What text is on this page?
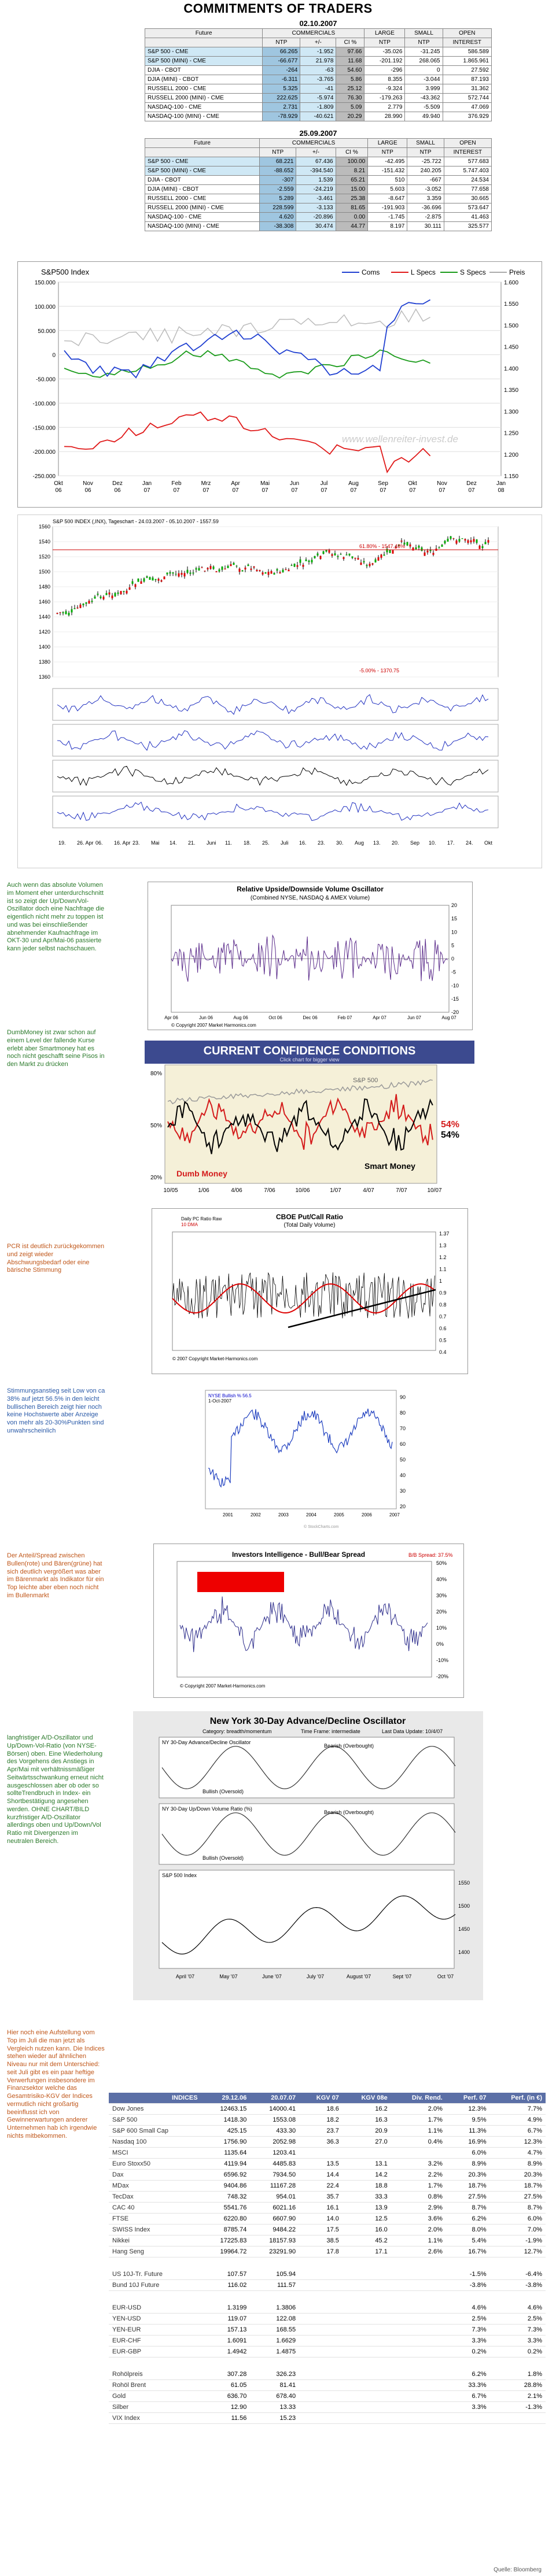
COMMITMENTS OF TRADERS
02.10.2007						
Future	COMMERCIALS			LARGE	SMALL	OPEN
	NTP	+/-	CI %	NTP	NTP	INTEREST
S&P 500 - CME	66.265	-1.952	97.66	-35.026	-31.245	586.589
S&P 500 (MINI) - CME	-66.677	21.978	11.68	-201.192	268.065	1.865.961
DJIA - CBOT	-264	-63	54.60	-296	0	27.592
DJIA (MINI) - CBOT	-6.311	-3.765	5.86	8.355	-3.044	87.193
RUSSELL 2000 - CME	5.325	-41	25.12	-9.324	3.999	31.362
RUSSELL 2000 (MINI) - CME	222.625	-5.974	76.30	-179.263	-43.362	572.744
NASDAQ-100 - CME	2.731	-1.809	5.09	2.779	-5.509	47.069
NASDAQ-100 (MINI) - CME	-78.929	-40.621	20.29	28.990	49.940	376.929
25.09.2007						
Future	COMMERCIALS			LARGE	SMALL	OPEN
	NTP	+/-	CI %	NTP	NTP	INTEREST
S&P 500 - CME	68.221	67.436	100.00	-42.495	-25.722	577.683
S&P 500 (MINI) - CME	-88.652	-394.540	8.21	-151.432	240.205	5.747.403
DJIA - CBOT	-307	1.539	65.21	510	-667	24.534
DJIA (MINI) - CBOT	-2.559	-24.219	15.00	5.603	-3.052	77.658
RUSSELL 2000 - CME	5.289	-3.461	25.38	-8.647	3.359	30.665
RUSSELL 2000 (MINI) - CME	228.599	-3.133	81.65	-191.903	-36.696	573.647
NASDAQ-100 - CME	4.620	-20.896	0.00	-1.745	-2.875	41.463
NASDAQ-100 (MINI) - CME	-38.308	30.474	44.77	8.197	30.111	325.577
S&P500 Index	Coms	L Specs	S Specs	Preis
150.000
100.000
50.000
0
-50.000
-100.000
-150.000
-200.000
-250.000
1.600
1.550
1.500
1.450
1.400
1.350
1.300
1.250
1.200
1.150
Okt
06
Nov
06
Dez
06
Jan
07
Feb
07
Mrz
07
Apr
07
Mai
07
Jun
07
Jul
07
Aug
07
Sep
07
Okt
07
Nov
07
Dez
07
Jan
08
www.wellenreiter-invest.de
S&P 500 INDEX (,INX), Tageschart - 24.03.2007 - 05.10.2007 - 1557.59
1560
1540
1520
1500
1480
1460
1440
1420
1400
1380
1360
61.80% - 1547.48%
-5.00% - 1370.75
19. 26. Apr 06. 16. Apr 23. Mai 14. 21. Juni 11. 18. 25. Juli 16. 23. 30. Aug 13. 20. Sep 10. 17. 24. Okt
Auch wenn das absolute Volumen im Moment eher unterdurchschnitt ist so zeigt der Up/Down/Vol-Oszillator doch eine Nachfrage die eigentlich nicht mehr zu toppen ist und was bei einschließender abnehmender Kaufnachfrage im OKT-30 und Apr/Mai-06 passierte kann jeder selbst nachschauen.
DumbMoney ist zwar schon auf einem Level der fallende Kurse erlebt aber Smartmoney hat es noch nicht geschafft seine Pisos in den Markt zu drücken
PCR ist deutlich zurückgekommen und zeigt wieder Abschwungsbedarf oder eine bärische Stimmung
Stimmungsanstieg seit Low von ca 38% auf jetzt 56.5% in den leicht bullischen Bereich zeigt hier noch keine Hochstwerte aber Anzeige von mehr als 20-30%Punkten sind unwahrscheinlich
Der Anteil/Spread zwischen Bullen(rote) und Bären(grüne) hat sich deutlich vergrößert was aber im Bärenmarkt als Indikator für ein Top leichte aber eben noch nicht im Bullenmarkt
langfristiger A/D-Oszillator und Up/Down-Vol-Ratio (von NYSE-Börsen) oben. Eine Wiederholung des Vorgehens des Anstiegs in Apr/Mai mit verhältnissmäßiger Seitwärtsschwankung erneut nicht ausgeschlossen aber ob oder so sollteTrendbruch in Index- ein Shortbestätigung angesehen werden. OHNE CHART/BILD kurzfristiger A/D-Oszillator allerdings oben und Up/Down/Vol Ratio mit Divergenzen im neutralen Bereich.
Hier noch eine Aufstellung vom Top im Juli die man jetzt als Vergleich nutzen kann. Die Indices stehen wieder auf ähnlichen Niveau nur mit dem Unterschied: seit Juli gibt es ein paar heftige Verwerfungen insbesondere im Finanzsektor welche das Gesamtrisiko-KGV der Indices vermutlich nicht großartig beeinflusst ich von Gewinnerwartungen anderer Unternehmen hab ich irgendwie nichts mitbekommen.
Relative Upside/Downside Volume Oscillator
(Combined NYSE, NASDAQ & AMEX Volume)
20
15
10
5
0
-5
-10
-15
-20
Apr 06	Jun 06	Aug 06	Oct 06	Dec 06	Feb 07	Apr 07	Jun 07	Aug 07
© Copyright 2007 Market Harmonics.com
CURRENT CONFIDENCE CONDITIONS
Click chart for bigger view
80%
50%
20%
S&P 500
Dumb Money
Smart Money
54%
54%
10/05	1/06	4/06	7/06	10/06	1/07	4/07	7/07	10/07
CBOE Put/Call Ratio
(Total Daily Volume)
Daily PC Ratio Raw
10 DMA
1.37
1.3
1.2
1.1
1
0.9
0.8
0.7
0.6
0.5
0.4
© 2007 Copyright Market-Harmonics.com
NYSE Bullish % 56.5
1-Oct-2007
90
80
70
60
50
40
30
20
2001	2002	2003	2004	2005	2006	2007
© StockCharts.com
Investors Intelligence - Bull/Bear Spread	B/B Spread: 37.5%
50%
40%
30%
20%
10%
0%
-10%
-20%
© Copyright 2007 Market-Harmonics.com
New York 30-Day Advance/Decline Oscillator
Category: breadth/momentum	Time Frame: intermediate	Last Data Update: 10/4/07
NY 30-Day Advance/Decline Oscillator
Bearish (Overbought)
Bullish (Oversold)
NY 30-Day Up/Down Volume Ratio (%)
Bearish (Overbought)
Bullish (Oversold)
S&P 500 Index
1550
1500
1450
1400
April '07	May '07	June '07	July '07	August '07	Sept '07	Oct '07
INDICES	29.12.06	20.07.07	KGV 07	KGV 08e	Div. Rend.	Perf. 07	Perf. (in €)
Dow Jones	12463.15	14000.41	18.6	16.2	2.0%	12.3%	7.7%
S&P 500	1418.30	1553.08	18.2	16.3	1.7%	9.5%	4.9%
S&P 600 Small Cap	425.15	433.30	23.7	20.9	1.1%	11.3%	6.7%
Nasdaq 100	1756.90	2052.98	36.3	27.0	0.4%	16.9%	12.3%
MSCI	1135.64	1203.41				6.0%	4.7%
Euro Stoxx50	4119.94	4485.83	13.5	13.1	3.2%	8.9%	8.9%
Dax	6596.92	7934.50	14.4	14.2	2.2%	20.3%	20.3%
MDax	9404.86	11167.28	22.4	18.8	1.7%	18.7%	18.7%
TecDax	748.32	954.01	35.7	33.3	0.8%	27.5%	27.5%
CAC 40	5541.76	6021.16	16.1	13.9	2.9%	8.7%	8.7%
FTSE	6220.80	6607.90	14.0	12.5	3.6%	6.2%	6.0%
SWISS Index	8785.74	9484.22	17.5	16.0	2.0%	8.0%	7.0%
Nikkei	17225.83	18157.93	38.5	45.2	1.1%	5.4%	-1.9%
Hang Seng	19964.72	23291.90	17.8	17.1	2.6%	16.7%	12.7%

US 10J-Tr. Future	107.57	105.94				-1.5%	-6.4%
Bund 10J Future	116.02	111.57				-3.8%	-3.8%

EUR-USD	1.3199	1.3806				4.6%	4.6%
YEN-USD	119.07	122.08				2.5%	2.5%
YEN-EUR	157.13	168.55				7.3%	7.3%
EUR-CHF	1.6091	1.6629				3.3%	3.3%
EUR-GBP	1.4942	1.4875				0.2%	0.2%

Rohölpreis	307.28	326.23				6.2%	1.8%
Rohöl Brent	61.05	81.41				33.3%	28.8%
Gold	636.70	678.40				6.7%	2.1%
Silber	12.90	13.33				3.3%	-1.3%
VIX Index	11.56	15.23					
Quelle: Bloomberg
